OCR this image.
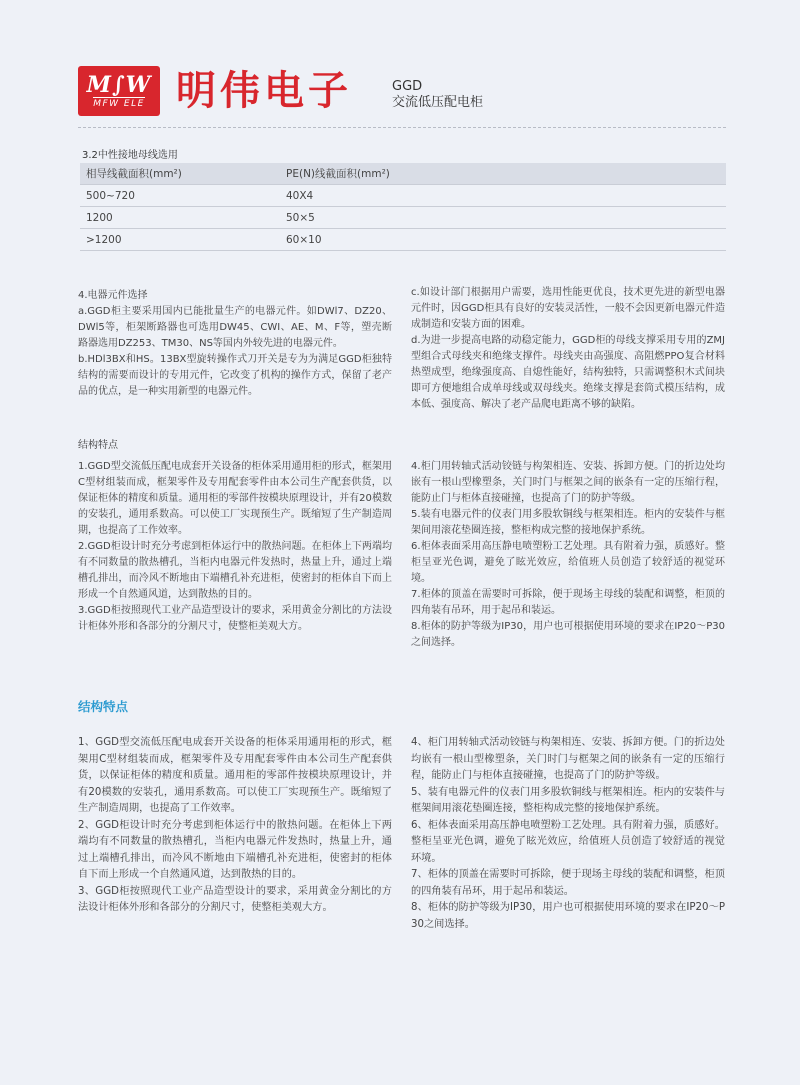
M∫W
MFW ELE 明伟电子	GGD
交流低压配电柜
3.2中性接地母线选用
相导线截面积(mm²)	PE(N)线截面积(mm²)
500~720	40X4
1200	50×5
>1200	60×10

4.电器元件选择

a.GGD柜主要采用国内已能批量生产的电器元件。如DWl7、DZ20、DWl5等，柜架断路器也可选用DW45、CWI、AE、M、F等，塑壳断路器选用DZ253、TM30、NS等国内外较先进的电器元件。

b.HDl3BX和HS。13BX型旋转操作式刀开关是专为为满足GGD柜独特结构的需要而设计的专用元件，它改变了机构的操作方式，保留了老产品的优点，是一种实用新型的电器元件。

c.如设计部门根据用户需要，选用性能更优良，技术更先进的新型电器元件时，因GGD柜具有良好的安装灵活性，一般不会因更新电器元件造成制造和安装方面的困难。

d.为进一步提高电路的动稳定能力，GGD柜的母线支撑采用专用的ZMJ型组合式母线夹和绝缘支撑件。母线夹由高强度、高阻燃PPO复合材料热塑成型，绝缘强度高、自熄性能好，结构独特，只需调整积木式间块即可方便地组合成单母线或双母线夹。绝缘支撑是套筒式模压结构，成本低、强度高、解决了老产品爬电距离不够的缺陷。

结构特点

1.GGD型交流低压配电成套开关设备的柜体采用通用柜的形式，框架用C型材组装而成，框架零件及专用配套零件由本公司生产配套供货，以保证柜体的精度和质量。通用柜的零部件按模块原理设计，并有20模数的安装孔，通用系数高。可以使工厂实现预生产。既缩短了生产制造周期，也提高了工作效率。

2.GGD柜设计时充分考虑到柜体运行中的散热问题。在柜体上下两端均有不同数量的散热槽孔，当柜内电器元件发热时，热量上升，通过上端槽孔排出，而冷风不断地由下端槽孔补充进柜，使密封的柜体自下而上形成一个自然通风道，达到散热的目的。

3.GGD柜按照现代工业产品造型设计的要求，采用黄金分割比的方法设计柜体外形和各部分的分割尺寸，使整柜美观大方。

4.柜门用转轴式活动铰链与构架相连、安装、拆卸方便。门的折边处均嵌有一根山型橡塑条，关门时门与框架之间的嵌条有一定的压缩行程，能防止门与柜体直接碰撞，也提高了门的防护等级。

5.装有电器元件的仪表门用多股软铜线与框架相连。柜内的安装件与框架间用滚花垫圈连接，整柜构成完整的接地保护系统。

6.柜体表面采用高压静电喷塑粉工艺处理。具有附着力强，质感好。整柜呈亚光色调，避免了眩光效应，给值班人员创造了较舒适的视觉环境。

7.柜体的顶盖在需要时可拆除，便于现场主母线的装配和调整，柜顶的四角装有吊环，用于起吊和装运。

8.柜体的防护等级为IP30，用户也可根据使用环境的要求在IP20～P30之间选择。

结构特点

1、GGD型交流低压配电成套开关设备的柜体采用通用柜的形式，框架用C型材组装而成，框架零件及专用配套零件由本公司生产配套供货，以保证柜体的精度和质量。通用柜的零部件按模块原理设计，并有20模数的安装孔，通用系数高。可以使工厂实现预生产。既缩短了生产制造周期，也提高了工作效率。

2、GGD柜设计时充分考虑到柜体运行中的散热问题。在柜体上下两端均有不同数量的散热槽孔，当柜内电器元件发热时，热量上升，通过上端槽孔排出，而冷风不断地由下端槽孔补充进柜，使密封的柜体自下而上形成一个自然通风道，达到散热的目的。

3、GGD柜按照现代工业产品造型设计的要求，采用黄金分割比的方法设计柜体外形和各部分的分割尺寸，使整柜美观大方。

4、柜门用转轴式活动铰链与构架相连、安装、拆卸方便。门的折边处均嵌有一根山型橡塑条，关门时门与框架之间的嵌条有一定的压缩行程，能防止门与柜体直接碰撞，也提高了门的防护等级。

5、装有电器元件的仪表门用多股软铜线与框架相连。柜内的安装件与框架间用滚花垫圈连接，整柜构成完整的接地保护系统。

6、柜体表面采用高压静电喷塑粉工艺处理。具有附着力强，质感好。整柜呈亚光色调，避免了眩光效应，给值班人员创造了较舒适的视觉环境。

7、柜体的顶盖在需要时可拆除，便于现场主母线的装配和调整，柜顶的四角装有吊环，用于起吊和装运。

8、柜体的防护等级为IP30，用户也可根据使用环境的要求在IP20～P30之间选择。
